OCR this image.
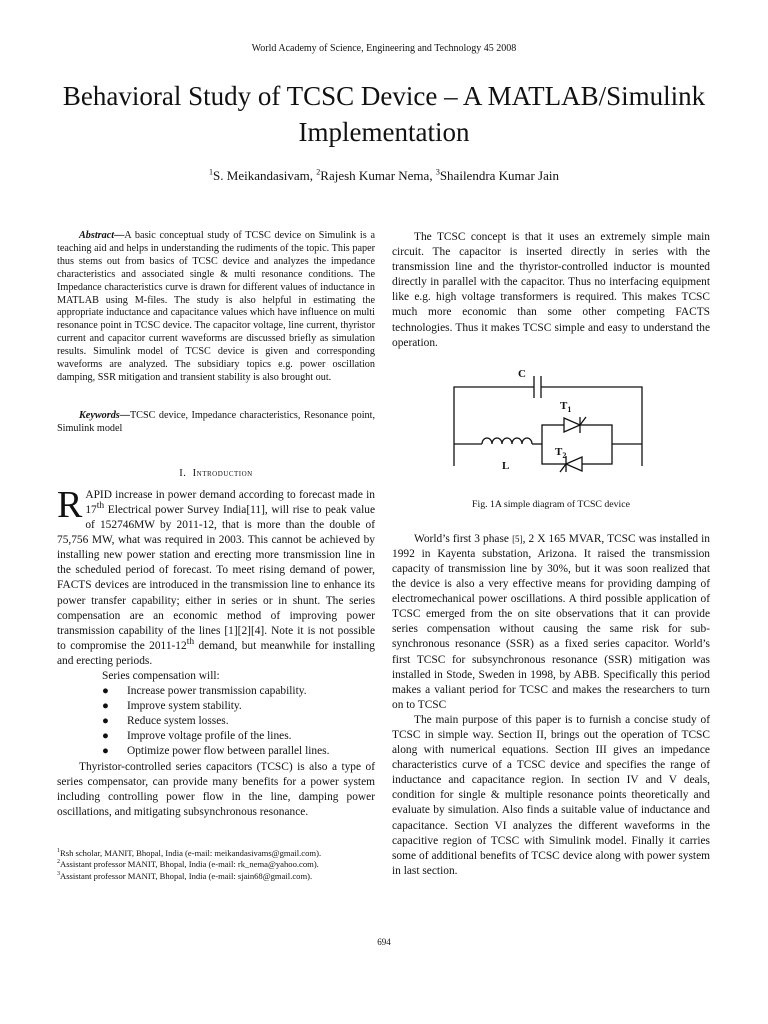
World Academy of Science, Engineering and Technology 45 2008
Behavioral Study of TCSC Device – A MATLAB/Simulink Implementation
$^1$S. Meikandasivam, $^2$Rajesh Kumar Nema, $^3$Shailendra Kumar Jain

Abstract—A basic conceptual study of TCSC device on Simulink is a teaching aid and helps in understanding the rudiments of the topic. This paper thus stems out from basics of TCSC device and analyzes the impedance characteristics and associated single & multi resonance conditions. The Impedance characteristics curve is drawn for different values of inductance in MATLAB using M-files. The study is also helpful in estimating the appropriate inductance and capacitance values which have influence on multi resonance point in TCSC device. The capacitor voltage, line current, thyristor current and capacitor current waveforms are discussed briefly as simulation results. Simulink model of TCSC device is given and corresponding waveforms are analyzed. The subsidiary topics e.g. power oscillation damping, SSR mitigation and transient stability is also brought out.

Keywords—TCSC device, Impedance characteristics, Resonance point, Simulink model

I. Introduction

RAPID increase in power demand according to forecast made in 17th Electrical power Survey India[11], will rise to peak value of 152746MW by 2011-12, that is more than the double of 75,756 MW, what was required in 2003. This cannot be achieved by installing new power station and erecting more transmission line in the scheduled period of forecast. To meet rising demand of power, FACTS devices are introduced in the transmission line to enhance its power transfer capability; either in series or in shunt. The series compensation are an economic method of improving power transmission capability of the lines [1][2][4]. Note it is not possible to compromise the 2011-12th demand, but meanwhile for installing and erecting periods.

Series compensation will:

● Increase power transmission capability.
● Improve system stability.
● Reduce system losses.
● Improve voltage profile of the lines.
● Optimize power flow between parallel lines.

Thyristor-controlled series capacitors (TCSC) is also a type of series compensator, can provide many benefits for a power system including controlling power flow in the line, damping power oscillations, and mitigating subsynchronous resonance.

$^1$Rsh scholar, MANIT, Bhopal, India (e-mail: meikandasivams@gmail.com).
$^2$Assistant professor MANIT, Bhopal, India (e-mail: rk_nema@yahoo.com).
$^3$Assistant professor MANIT, Bhopal, India (e-mail: sjain68@gmail.com).

The TCSC concept is that it uses an extremely simple main circuit. The capacitor is inserted directly in series with the transmission line and the thyristor-controlled inductor is mounted directly in parallel with the capacitor. Thus no interfacing equipment like e.g. high voltage transformers is required. This makes TCSC much more economic than some other competing FACTS technologies. Thus it makes TCSC simple and easy to understand the operation.

C
$T_1$
$T_2$
L
Fig. 1A simple diagram of TCSC device

World’s first 3 phase [5], 2 X 165 MVAR, TCSC was installed in 1992 in Kayenta substation, Arizona. It raised the transmission capacity of transmission line by 30%, but it was soon realized that the device is also a very effective means for providing damping of electromechanical power oscillations. A third possible application of TCSC emerged from the on site observations that it can provide series compensation without causing the same risk for sub-synchronous resonance (SSR) as a fixed series capacitor. World’s first TCSC for subsynchronous resonance (SSR) mitigation was installed in Stode, Sweden in 1998, by ABB. Specifically this period makes a valiant period for TCSC and makes the researchers to turn on to TCSC

The main purpose of this paper is to furnish a concise study of TCSC in simple way. Section II, brings out the operation of TCSC along with numerical equations. Section III gives an impedance characteristics curve of a TCSC device and specifies the range of inductance and capacitance region. In section IV and V deals, condition for single & multiple resonance points theoretically and evaluate by simulation. Also finds a suitable value of inductance and capacitance. Section VI analyzes the different waveforms in the capacitive region of TCSC with Simulink model. Finally it carries some of additional benefits of TCSC device along with power system in last section.

694
